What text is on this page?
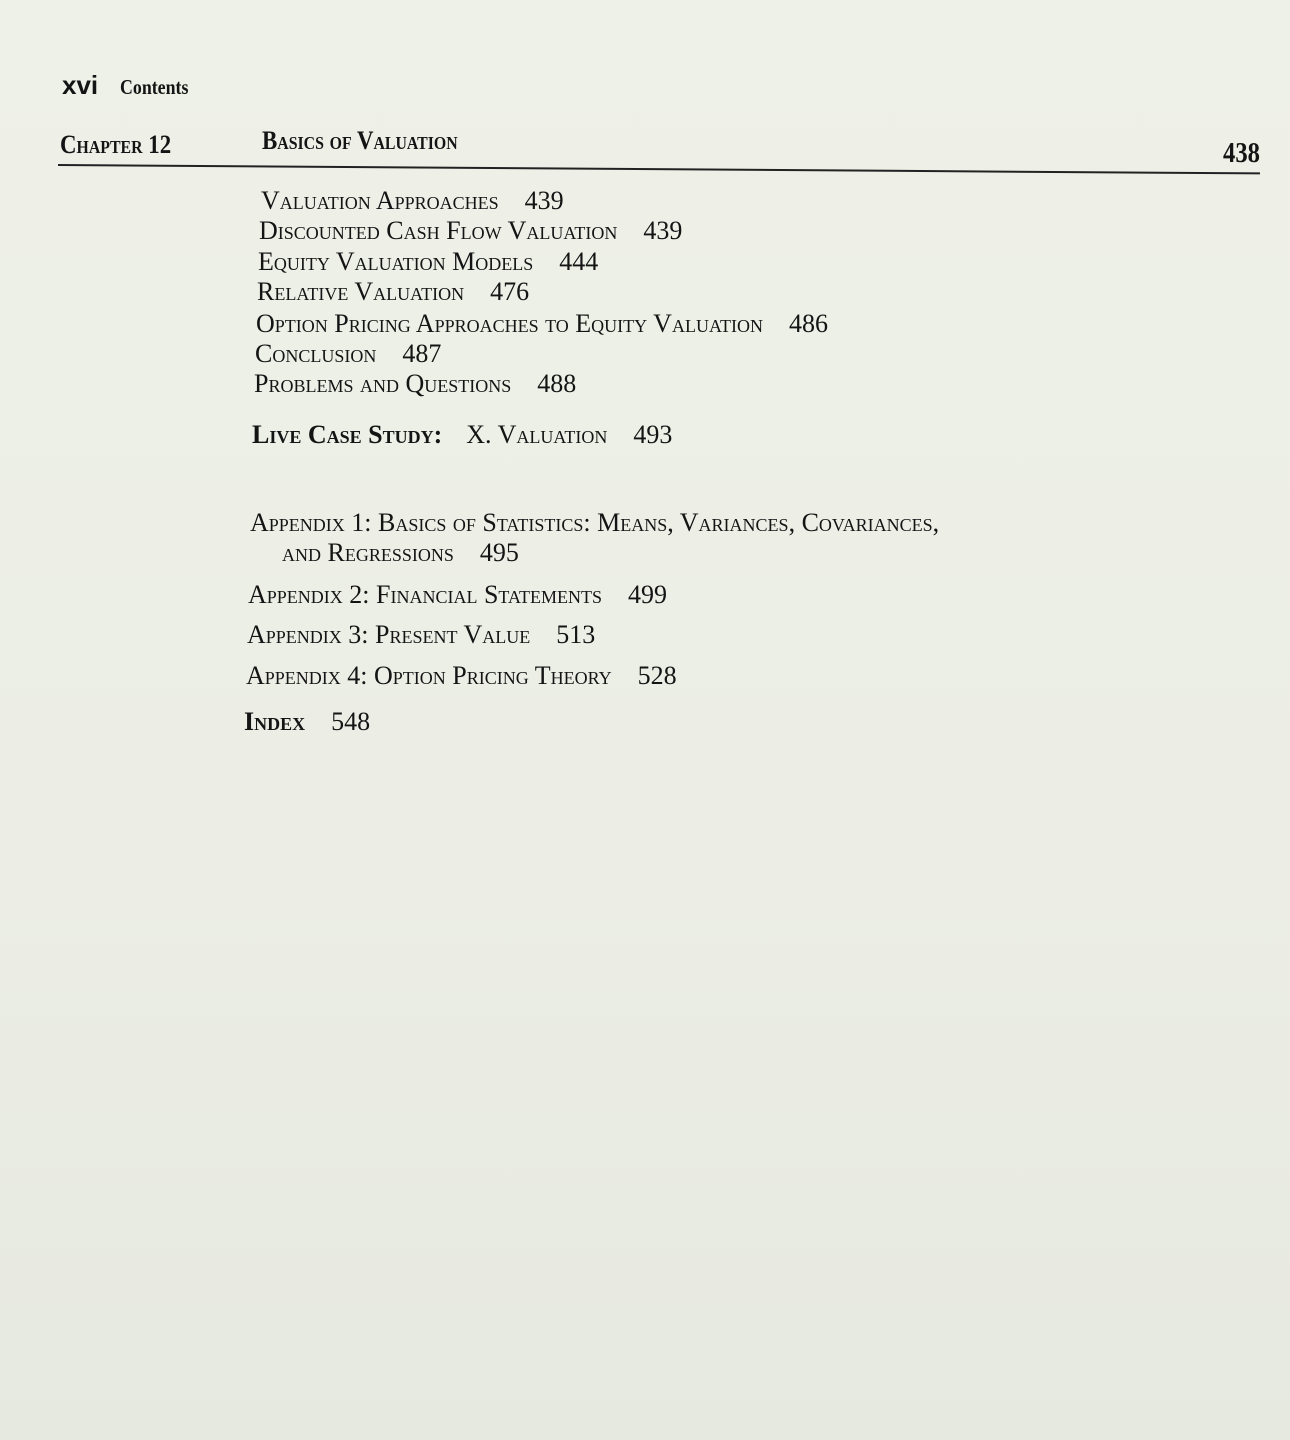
xvi Contents
Chapter 12	Basics of Valuation	438
Valuation Approaches 439
Discounted Cash Flow Valuation 439
Equity Valuation Models 444
Relative Valuation 476
Option Pricing Approaches to Equity Valuation 486
Conclusion 487
Problems and Questions 488
Live Case Study: X. Valuation 493
Appendix 1: Basics of Statistics: Means, Variances, Covariances,
and Regressions 495
Appendix 2: Financial Statements 499
Appendix 3: Present Value 513
Appendix 4: Option Pricing Theory 528
Index 548
